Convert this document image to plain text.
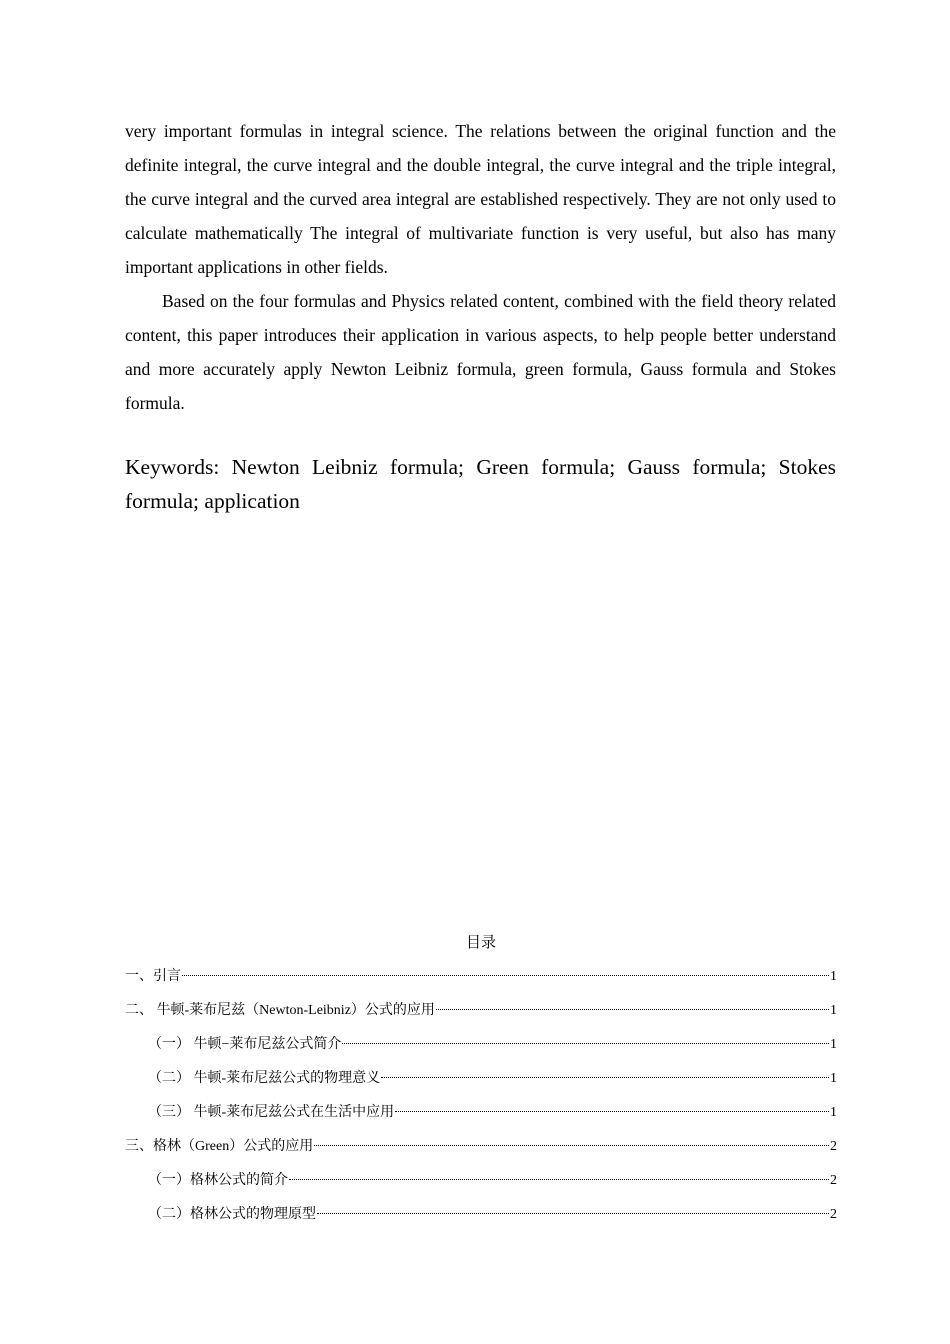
very important formulas in integral science. The relations between the original function and the definite integral, the curve integral and the double integral, the curve integral and the triple integral, the curve integral and the curved area integral are established respectively. They are not only used to calculate mathematically The integral of multivariate function is very useful, but also has many important applications in other fields.

Based on the four formulas and Physics related content, combined with the field theory related content, this paper introduces their application in various aspects, to help people better understand and more accurately apply Newton Leibniz formula, green formula, Gauss formula and Stokes formula.

Keywords: Newton Leibniz formula; Green formula; Gauss formula; Stokes formula; application

目录
一、引言	1
二、 牛顿-莱布尼兹（Newton-Leibniz）公式的应用	1
（一） 牛顿−莱布尼兹公式简介	1
（二） 牛顿-莱布尼兹公式的物理意义	1
（三） 牛顿-莱布尼兹公式在生活中应用	1
三、格林（Green）公式的应用	2
（一）格林公式的简介	2
（二）格林公式的物理原型	2
